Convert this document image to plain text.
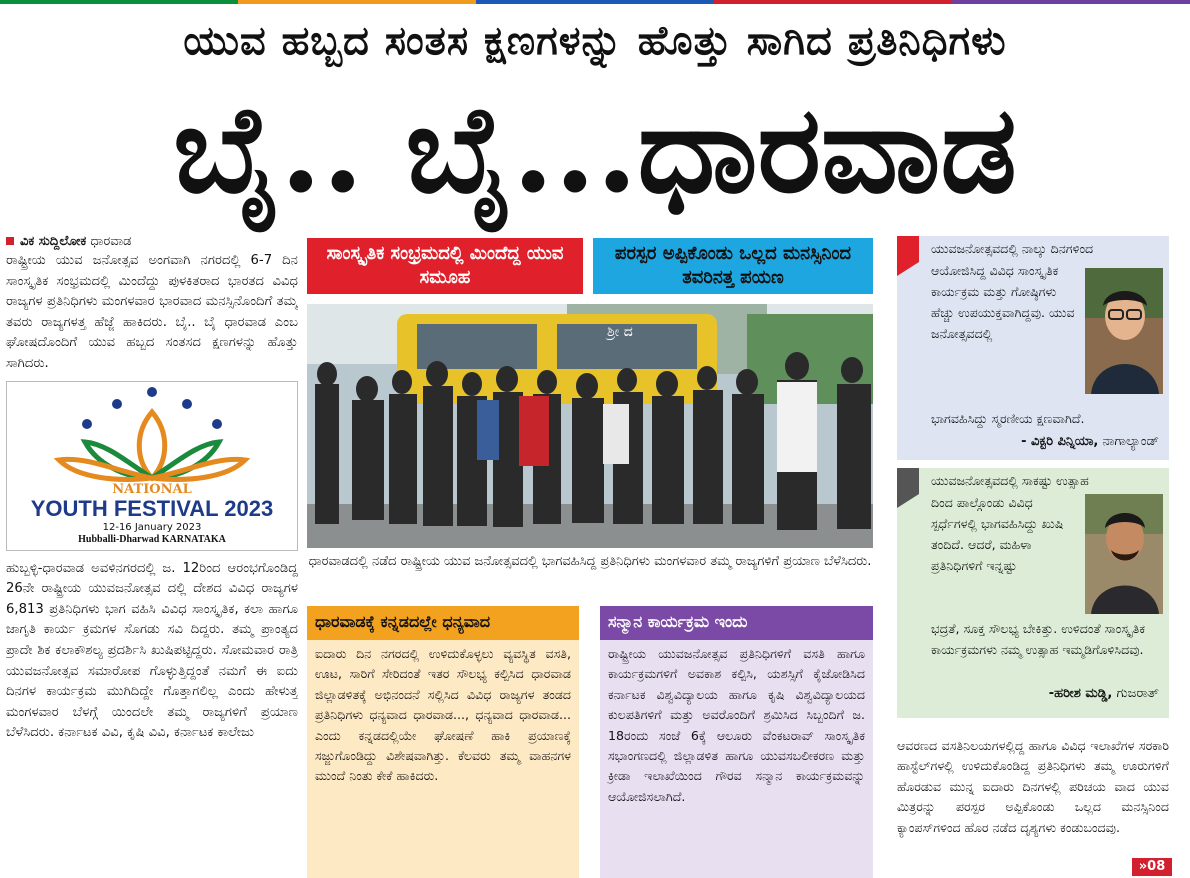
ಯುವ ಹಬ್ಬದ ಸಂತಸ ಕ್ಷಣಗಳನ್ನು ಹೊತ್ತು ಸಾಗಿದ ಪ್ರತಿನಿಧಿಗಳು
ಬೈ.. ಬೈ...ಧಾರವಾಡ
ವಿಕ ಸುದ್ದಿಲೋಕ ಧಾರವಾಡ

ರಾಷ್ಟ್ರೀಯ ಯುವ ಜನೋತ್ಸವ ಅಂಗವಾಗಿ ನಗರದಲ್ಲಿ 6-7 ದಿನ ಸಾಂಸ್ಕೃತಿಕ ಸಂಭ್ರಮದಲ್ಲಿ ಮಿಂದೆದ್ದು ಪುಳಕಿತರಾದ ಭಾರತದ ವಿವಿಧ ರಾಜ್ಯಗಳ ಪ್ರತಿನಿಧಿಗಳು ಮಂಗಳವಾರ ಭಾರವಾದ ಮನಸ್ಸಿನೊಂದಿಗೆ ತಮ್ಮ ತವರು ರಾಜ್ಯಗಳತ್ತ ಹೆಜ್ಜೆ ಹಾಕಿದರು. ಬೈ.. ಬೈ ಧಾರವಾಡ ಎಂಬ ಘೋಷದೊಂದಿಗೆ ಯುವ ಹಬ್ಬದ ಸಂತಸದ ಕ್ಷಣಗಳನ್ನು ಹೊತ್ತು ಸಾಗಿದರು.

NATIONAL
YOUTH FESTIVAL 2023
12-16 January 2023
Hubballi-Dharwad KARNATAKA

ಹುಬ್ಬಳ್ಳಿ-ಧಾರವಾಡ ಅವಳಿನಗರದಲ್ಲಿ ಜ. 12ರಿಂದ ಆರಂಭಗೊಂಡಿದ್ದ 26ನೇ ರಾಷ್ಟ್ರೀಯ ಯುವಜನೋತ್ಸವ ದಲ್ಲಿ ದೇಶದ ವಿವಿಧ ರಾಜ್ಯಗಳ 6,813 ಪ್ರತಿನಿಧಿಗಳು ಭಾಗ ವಹಿಸಿ ವಿವಿಧ ಸಾಂಸ್ಕೃತಿಕ, ಕಲಾ ಹಾಗೂ ಜಾಗೃತಿ ಕಾರ್ಯ ಕ್ರಮಗಳ ಸೊಗಡು ಸವಿ ದಿದ್ದರು. ತಮ್ಮ ಪ್ರಾಂತ್ಯದ ಪ್ರಾದೇ ಶಿಕ ಕಲಾಕೌಶಲ್ಯ ಪ್ರದರ್ಶಿಸಿ ಖುಷಿಪಟ್ಟಿದ್ದರು. ಸೋಮವಾರ ರಾತ್ರಿ ಯುವಜನೋತ್ಸವ ಸಮಾರೋಪ ಗೊಳ್ಳುತ್ತಿದ್ದಂತೆ ನಮಗೆ ಈ ಐದು ದಿನಗಳ ಕಾರ್ಯಕ್ರಮ ಮುಗಿದಿದ್ದೇ ಗೊತ್ತಾಗಲಿಲ್ಲ ಎಂದು ಹೇಳುತ್ತ ಮಂಗಳವಾರ ಬೆಳಗ್ಗೆ ಯಿಂದಲೇ ತಮ್ಮ ರಾಜ್ಯಗಳಿಗೆ ಪ್ರಯಾಣ ಬೆಳೆಸಿದರು. ಕರ್ನಾಟಕ ವಿವಿ, ಕೃಷಿ ವಿವಿ, ಕರ್ನಾಟಕ ಕಾಲೇಜು

ಸಾಂಸ್ಕೃತಿಕ ಸಂಭ್ರಮದಲ್ಲಿ ಮಿಂದೆದ್ದ ಯುವ ಸಮೂಹ
ಪರಸ್ಪರ ಅಪ್ಪಿಕೊಂಡು ಒಲ್ಲದ ಮನಸ್ಸಿನಿಂದ ತವರಿನತ್ತ ಪಯಣ
ಶ್ರೀ ದ
ಧಾರವಾಡದಲ್ಲಿ ನಡೆದ ರಾಷ್ಟ್ರೀಯ ಯುವ ಜನೋತ್ಸವದಲ್ಲಿ ಭಾಗವಹಿಸಿದ್ದ ಪ್ರತಿನಿಧಿಗಳು ಮಂಗಳವಾರ ತಮ್ಮ ರಾಜ್ಯಗಳಿಗೆ ಪ್ರಯಾಣ ಬೆಳೆಸಿದರು.
ಧಾರವಾಡಕ್ಕೆ ಕನ್ನಡದಲ್ಲೇ ಧನ್ಯವಾದ

ಐದಾರು ದಿನ ನಗರದಲ್ಲಿ ಉಳಿದುಕೊಳ್ಳಲು ವ್ಯವಸ್ಥಿತ ವಸತಿ, ಊಟ, ಸಾರಿಗೆ ಸೇರಿದಂತೆ ಇತರ ಸೌಲಭ್ಯ ಕಲ್ಪಿಸಿದ ಧಾರವಾಡ ಜಿಲ್ಲಾಡಳಿತಕ್ಕೆ ಅಭಿನಂದನೆ ಸಲ್ಲಿಸಿದ ವಿವಿಧ ರಾಜ್ಯಗಳ ತಂಡದ ಪ್ರತಿನಿಧಿಗಳು ಧನ್ಯವಾದ ಧಾರವಾಡ..., ಧನ್ಯವಾದ ಧಾರವಾಡ... ಎಂದು ಕನ್ನಡದಲ್ಲಿಯೇ ಘೋಷಣೆ ಹಾಕಿ ಪ್ರಯಾಣಕ್ಕೆ ಸಜ್ಜುಗೊಂಡಿದ್ದು ವಿಶೇಷವಾಗಿತ್ತು. ಕೆಲವರು ತಮ್ಮ ವಾಹನಗಳ ಮುಂದೆ ನಿಂತು ಕೇಕೆ ಹಾಕಿದರು.

ಸನ್ಮಾನ ಕಾರ್ಯಕ್ರಮ ಇಂದು

ರಾಷ್ಟ್ರೀಯ ಯುವಜನೋತ್ಸವ ಪ್ರತಿನಿಧಿಗಳಿಗೆ ವಸತಿ ಹಾಗೂ ಕಾರ್ಯಕ್ರಮಗಳಿಗೆ ಅವಕಾಶ ಕಲ್ಪಿಸಿ, ಯಶಸ್ಸಿಗೆ ಕೈಜೋಡಿಸಿದ ಕರ್ನಾಟಕ ವಿಶ್ವವಿದ್ಯಾಲಯ ಹಾಗೂ ಕೃಷಿ ವಿಶ್ವವಿದ್ಯಾಲಯದ ಕುಲಪತಿಗಳಿಗೆ ಮತ್ತು ಅವರೊಂದಿಗೆ ಶ್ರಮಿಸಿದ ಸಿಬ್ಬಂದಿಗೆ ಜ. 18ರಂದು ಸಂಜೆ 6ಕ್ಕೆ ಆಲೂರು ವೆಂಕಟರಾವ್ ಸಾಂಸ್ಕೃತಿಕ ಸಭಾಂಗಣದಲ್ಲಿ ಜಿಲ್ಲಾಡಳಿತ ಹಾಗೂ ಯುವಸಬಲೀಕರಣ ಮತ್ತು ಕ್ರೀಡಾ ಇಲಾಖೆಯಿಂದ ಗೌರವ ಸನ್ಮಾನ ಕಾರ್ಯಕ್ರಮವನ್ನು ಆಯೋಜಿಸಲಾಗಿದೆ.

ಯುವಜನೋತ್ಸವದಲ್ಲಿ ನಾಲ್ಕು ದಿನಗಳಿಂದ
ಆಯೋಜಿಸಿದ್ದ ವಿವಿಧ ಸಾಂಸ್ಕೃತಿಕ ಕಾರ್ಯಕ್ರಮ ಮತ್ತು ಗೋಷ್ಠಿಗಳು ಹೆಚ್ಚು ಉಪಯುಕ್ತವಾಗಿದ್ದವು. ಯುವ ಜನೋತ್ಸವದಲ್ಲಿ
ಭಾಗವಹಿಸಿದ್ದು ಸ್ಮರಣೀಯ ಕ್ಷಣವಾಗಿದೆ.
- ವಿಕ್ಟರಿ ಪಿನ್ನಿಯಾ, ನಾಗಾಲ್ಯಾಂಡ್
ಯುವಜನೋತ್ಸವದಲ್ಲಿ ಸಾಕಷ್ಟು ಉತ್ಸಾಹ
ದಿಂದ ಪಾಲ್ಗೊಂಡು ವಿವಿಧ ಸ್ಪರ್ಧೆಗಳಲ್ಲಿ ಭಾಗವಹಿಸಿದ್ದು ಖುಷಿ ತಂದಿದೆ. ಆದರೆ, ಮಹಿಳಾ ಪ್ರತಿನಿಧಿಗಳಿಗೆ ಇನ್ನಷ್ಟು
ಭದ್ರತೆ, ಸೂಕ್ತ ಸೌಲಭ್ಯ ಬೇಕಿತ್ತು. ಉಳಿದಂತೆ ಸಾಂಸ್ಕೃತಿಕ ಕಾರ್ಯಕ್ರಮಗಳು ನಮ್ಮ ಉತ್ಸಾಹ ಇಮ್ಮಡಿಗೊಳಿಸಿದವು.
-ಹರೀಶ ಮಡ್ಡಿ, ಗುಜರಾತ್
ಆವರಣದ ವಸತಿನಿಲಯಗಳಲ್ಲಿದ್ದ ಹಾಗೂ ವಿವಿಧ ಇಲಾಖೆಗಳ ಸರಕಾರಿ ಹಾಸ್ಟೆಲ್‌ಗಳಲ್ಲಿ ಉಳಿದುಕೊಂಡಿದ್ದ ಪ್ರತಿನಿಧಿಗಳು ತಮ್ಮ ಊರುಗಳಿಗೆ ಹೊರಡುವ ಮುನ್ನ ಐದಾರು ದಿನಗಳಲ್ಲಿ ಪರಿಚಯ ವಾದ ಯುವ ಮಿತ್ರರನ್ನು ಪರಸ್ಪರ ಅಪ್ಪಿಕೊಂಡು ಒಲ್ಲದ ಮನಸ್ಸಿನಿಂದ ಕ್ಯಾಂಪಸ್‌ಗಳಿಂದ ಹೊರ ನಡೆದ ದೃಶ್ಯಗಳು ಕಂಡುಬಂದವು.
»08
